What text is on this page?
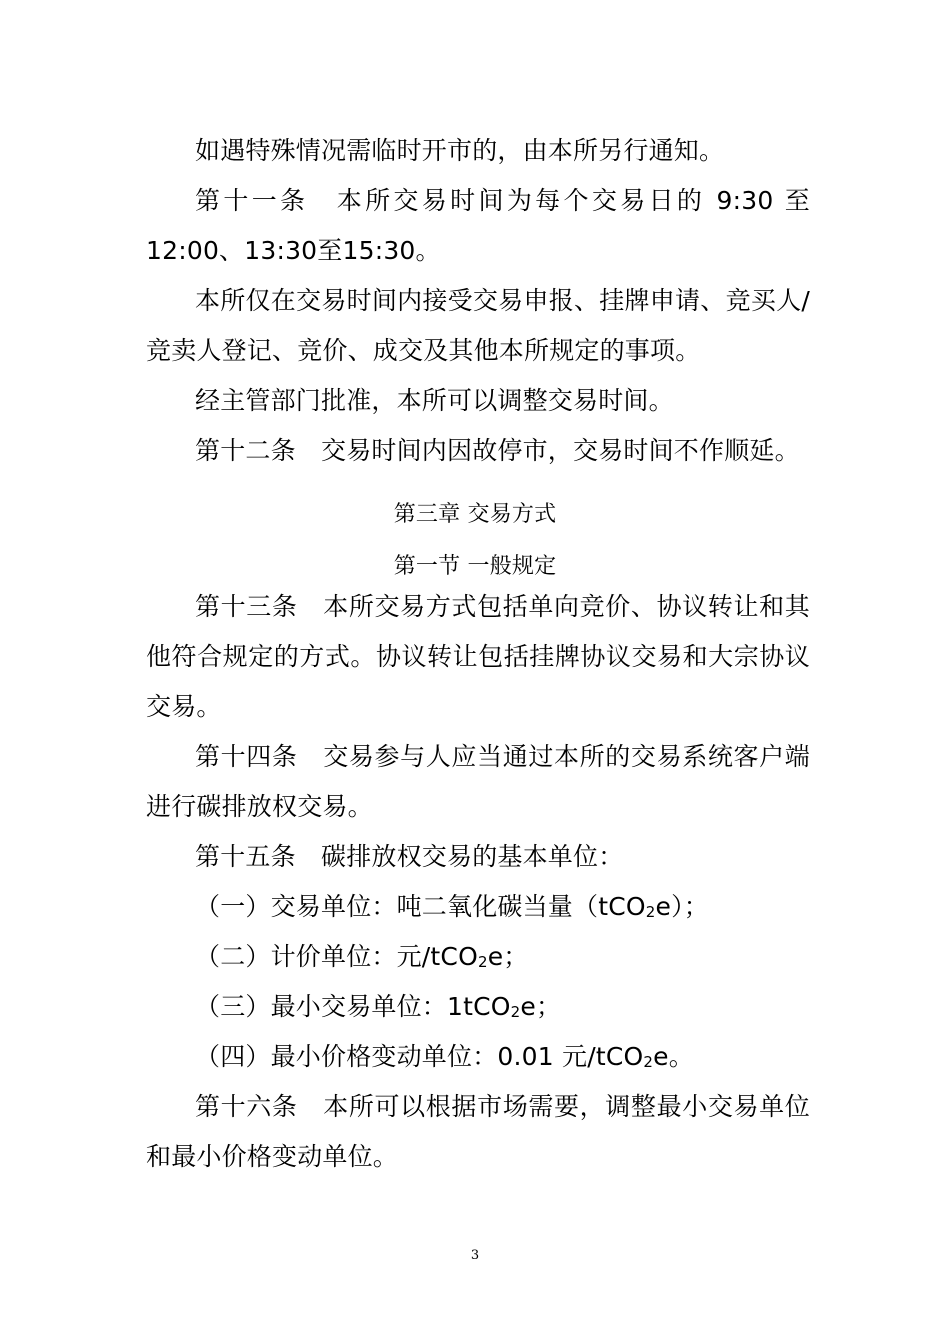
如遇特殊情况需临时开市的，由本所另行通知。
第十一条　本所交易时间为每个交易日的 9:30 至
12:00、13:30至15:30。
本所仅在交易时间内接受交易申报、挂牌申请、竞买人/
竞卖人登记、竞价、成交及其他本所规定的事项。
经主管部门批准，本所可以调整交易时间。
第十二条　交易时间内因故停市，交易时间不作顺延。
第三章 交易方式
第一节 一般规定
第十三条　本所交易方式包括单向竞价、协议转让和其
他符合规定的方式。协议转让包括挂牌协议交易和大宗协议
交易。
第十四条　交易参与人应当通过本所的交易系统客户端
进行碳排放权交易。
第十五条　碳排放权交易的基本单位：
（一）交易单位：吨二氧化碳当量（tCO2e）；
（二）计价单位：元/tCO2e；
（三）最小交易单位：1tCO2e；
（四）最小价格变动单位：0.01 元/tCO2e。
第十六条　本所可以根据市场需要，调整最小交易单位
和最小价格变动单位。
3
